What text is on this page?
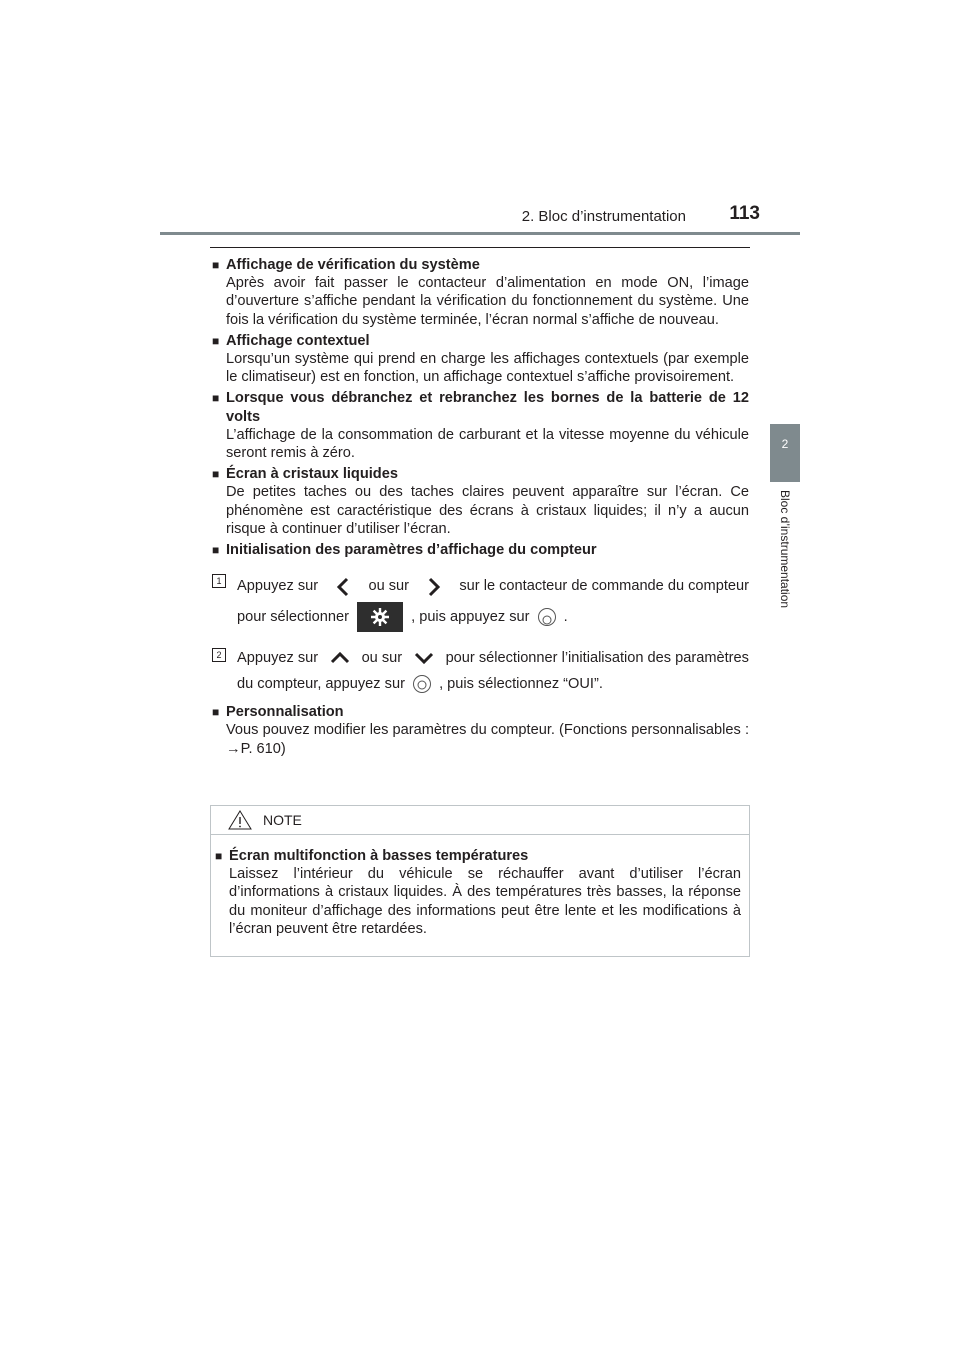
2. Bloc d’instrumentation	113
2
Bloc d’instrumentation
■ Affichage de vérification du système
Après avoir fait passer le contacteur d’alimentation en mode ON, l’image d’ouverture s’affiche pendant la vérification du fonctionnement du système. Une fois la vérification du système terminée, l’écran normal s’affiche de nouveau.
■ Affichage contextuel
Lorsqu’un système qui prend en charge les affichages contextuels (par exemple le climatiseur) est en fonction, un affichage contextuel s’affiche provisoirement.
■ Lorsque vous débranchez et rebranchez les bornes de la batterie de 12 volts
L’affichage de la consommation de carburant et la vitesse moyenne du véhicule seront remis à zéro.
■ Écran à cristaux liquides
De petites taches ou des taches claires peuvent apparaître sur l’écran. Ce phénomène est caractéristique des écrans à cristaux liquides; il n’y a aucun risque à continuer d’utiliser l’écran.
■ Initialisation des paramètres d’affichage du compteur
1	Appuyez sur	ou sur	sur le contacteur de commande du compteur
pour sélectionner	, puis appuyez sur .
2	Appuyez sur	ou sur	pour sélectionner l’initialisation des paramètres
du compteur, appuyez sur , puis sélectionnez “OUI”.
■ Personnalisation
Vous pouvez modifier les paramètres du compteur. (Fonctions personnalisables : →P. 610)
NOTE
■ Écran multifonction à basses températures
Laissez l’intérieur du véhicule se réchauffer avant d’utiliser l’écran d’informations à cristaux liquides. À des températures très basses, la réponse du moniteur d’affichage des informations peut être lente et les modifications à l’écran peuvent être retardées.
